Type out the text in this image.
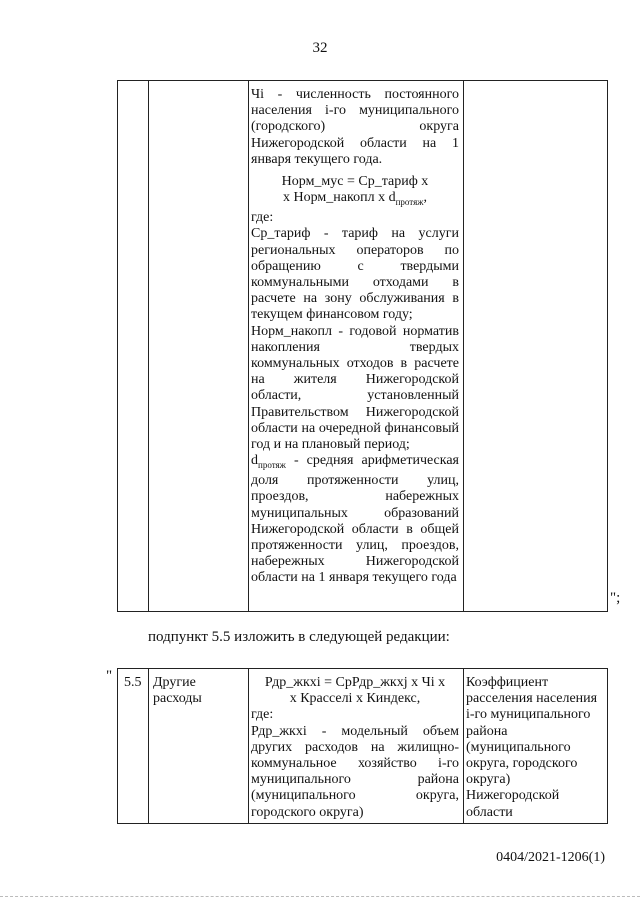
32

Чi - численность постоянного населения i-го муниципального (городского) округа Нижегородской области на 1 января текущего года.

Норм_мус = Ср_тариф х
х Норм_накопл х $d_{протяж}$,

где:

Ср_тариф - тариф на услуги региональных операторов по обращению с твердыми коммунальными отходами в расчете на зону обслуживания в текущем финансовом году;

Норм_накопл - годовой норматив накопления твердых коммунальных отходов в расчете на жителя Нижегородской области, установленный Правительством Нижегородской области на очередной финансовый год и на плановый период;

$d_{протяж}$ - средняя арифметическая доля протяженности улиц, проездов, набережных муниципальных образований Нижегородской области в общей протяженности улиц, проездов, набережных Нижегородской области на 1 января текущего года

";
подпункт 5.5 изложить в следующей редакции:
" 5.5 Другие

расходы

Рдр_жкхi = СрРдр_жкхj х Чi х
х Красселi х Киндекс,

где:

Рдр_жкхi - модельный объем других расходов на жилищно-коммунальное хозяйство i-го муниципального района (муниципального округа, городского округа)

Коэффициент расселения населения i-го муниципального района (муниципального округа, городского округа) Нижегородской области
0404/2021-1206(1)
